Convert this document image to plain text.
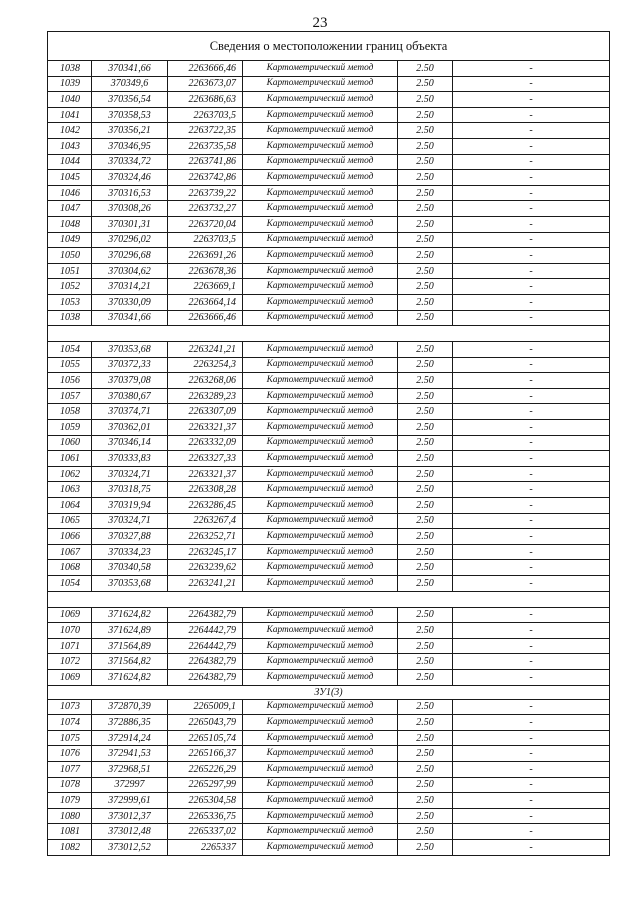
23
Сведения о местоположении границ объекта					
1038	370341,66	2263666,46	Картометрический метод	2.50	-
1039	370349,6	2263673,07	Картометрический метод	2.50	-
1040	370356,54	2263686,63	Картометрический метод	2.50	-
1041	370358,53	2263703,5	Картометрический метод	2.50	-
1042	370356,21	2263722,35	Картометрический метод	2.50	-
1043	370346,95	2263735,58	Картометрический метод	2.50	-
1044	370334,72	2263741,86	Картометрический метод	2.50	-
1045	370324,46	2263742,86	Картометрический метод	2.50	-
1046	370316,53	2263739,22	Картометрический метод	2.50	-
1047	370308,26	2263732,27	Картометрический метод	2.50	-
1048	370301,31	2263720,04	Картометрический метод	2.50	-
1049	370296,02	2263703,5	Картометрический метод	2.50	-
1050	370296,68	2263691,26	Картометрический метод	2.50	-
1051	370304,62	2263678,36	Картометрический метод	2.50	-
1052	370314,21	2263669,1	Картометрический метод	2.50	-
1053	370330,09	2263664,14	Картометрический метод	2.50	-
1038	370341,66	2263666,46	Картометрический метод	2.50	-

1054	370353,68	2263241,21	Картометрический метод	2.50	-
1055	370372,33	2263254,3	Картометрический метод	2.50	-
1056	370379,08	2263268,06	Картометрический метод	2.50	-
1057	370380,67	2263289,23	Картометрический метод	2.50	-
1058	370374,71	2263307,09	Картометрический метод	2.50	-
1059	370362,01	2263321,37	Картометрический метод	2.50	-
1060	370346,14	2263332,09	Картометрический метод	2.50	-
1061	370333,83	2263327,33	Картометрический метод	2.50	-
1062	370324,71	2263321,37	Картометрический метод	2.50	-
1063	370318,75	2263308,28	Картометрический метод	2.50	-
1064	370319,94	2263286,45	Картометрический метод	2.50	-
1065	370324,71	2263267,4	Картометрический метод	2.50	-
1066	370327,88	2263252,71	Картометрический метод	2.50	-
1067	370334,23	2263245,17	Картометрический метод	2.50	-
1068	370340,58	2263239,62	Картометрический метод	2.50	-
1054	370353,68	2263241,21	Картометрический метод	2.50	-

1069	371624,82	2264382,79	Картометрический метод	2.50	-
1070	371624,89	2264442,79	Картометрический метод	2.50	-
1071	371564,89	2264442,79	Картометрический метод	2.50	-
1072	371564,82	2264382,79	Картометрический метод	2.50	-
1069	371624,82	2264382,79	Картометрический метод	2.50	-
ЗУ1(3)					
1073	372870,39	2265009,1	Картометрический метод	2.50	-
1074	372886,35	2265043,79	Картометрический метод	2.50	-
1075	372914,24	2265105,74	Картометрический метод	2.50	-
1076	372941,53	2265166,37	Картометрический метод	2.50	-
1077	372968,51	2265226,29	Картометрический метод	2.50	-
1078	372997	2265297,99	Картометрический метод	2.50	-
1079	372999,61	2265304,58	Картометрический метод	2.50	-
1080	373012,37	2265336,75	Картометрический метод	2.50	-
1081	373012,48	2265337,02	Картометрический метод	2.50	-
1082	373012,52	2265337	Картометрический метод	2.50	-
